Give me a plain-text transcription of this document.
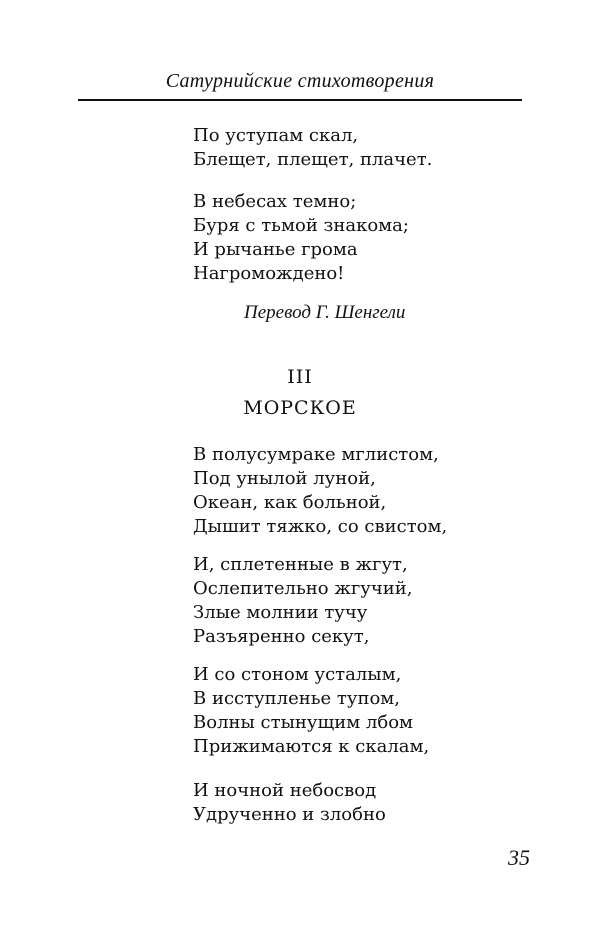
Сатурнийские стихотворения
По уступам скал,
Блещет, плещет, плачет.
В небесах темно;
Буря с тьмой знакома;
И рычанье грома
Нагромождено!
Перевод Г. Шенгели
III
МОРСКОЕ
В полусумраке мглистом,
Под унылой луной,
Океан, как больной,
Дышит тяжко, со свистом,
И, сплетенные в жгут,
Ослепительно жгучий,
Злые молнии тучу
Разъяренно секут,
И со стоном усталым,
В исступленье тупом,
Волны стынущим лбом
Прижимаются к скалам,
И ночной небосвод
Удрученно и злобно
35
